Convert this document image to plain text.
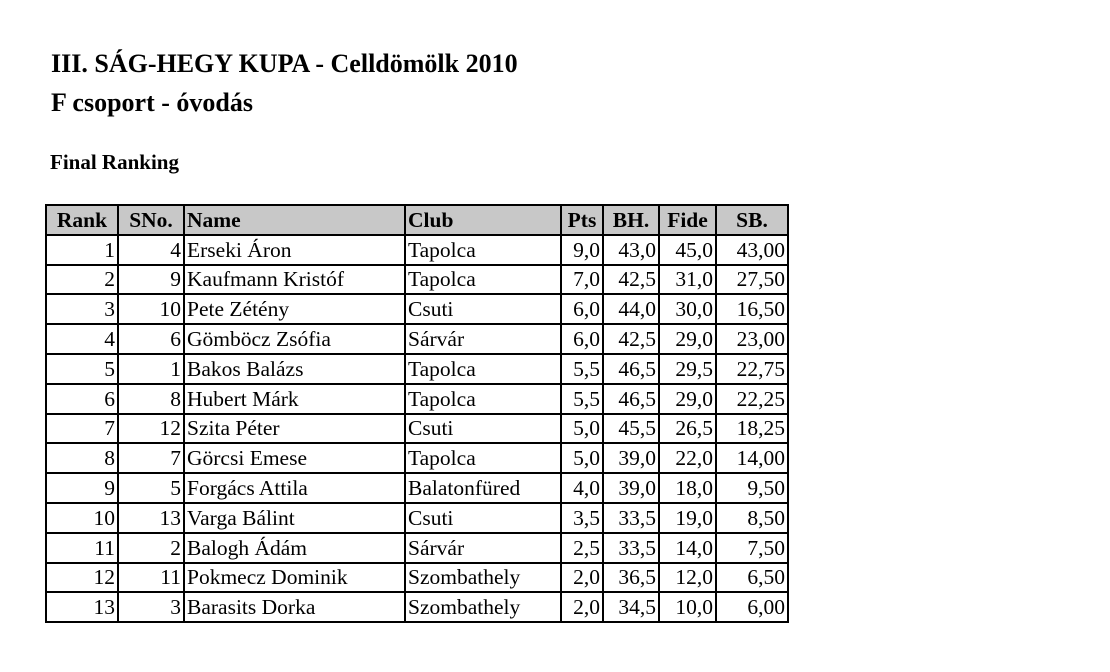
III. SÁG-HEGY KUPA - Celldömölk 2010
F csoport - óvodás
Final Ranking
Rank	SNo.	Name	Club	Pts	BH.	Fide	SB.
1	4	Erseki Áron	Tapolca	9,0	43,0	45,0	43,00
2	9	Kaufmann Kristóf	Tapolca	7,0	42,5	31,0	27,50
3	10	Pete Zétény	Csuti	6,0	44,0	30,0	16,50
4	6	Gömböcz Zsófia	Sárvár	6,0	42,5	29,0	23,00
5	1	Bakos Balázs	Tapolca	5,5	46,5	29,5	22,75
6	8	Hubert Márk	Tapolca	5,5	46,5	29,0	22,25
7	12	Szita Péter	Csuti	5,0	45,5	26,5	18,25
8	7	Görcsi Emese	Tapolca	5,0	39,0	22,0	14,00
9	5	Forgács Attila	Balatonfüred	4,0	39,0	18,0	9,50
10	13	Varga Bálint	Csuti	3,5	33,5	19,0	8,50
11	2	Balogh Ádám	Sárvár	2,5	33,5	14,0	7,50
12	11	Pokmecz Dominik	Szombathely	2,0	36,5	12,0	6,50
13	3	Barasits Dorka	Szombathely	2,0	34,5	10,0	6,00
